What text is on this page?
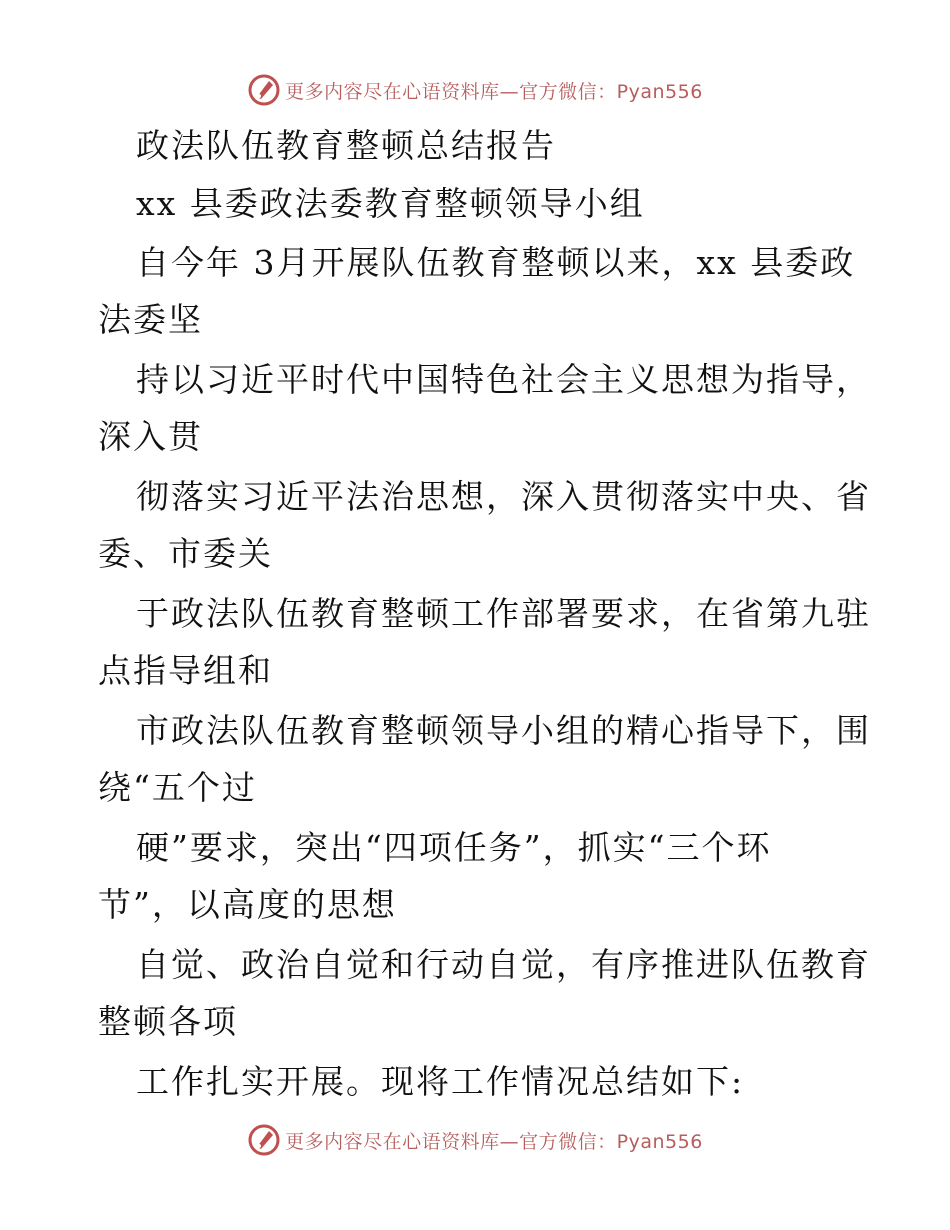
更多内容尽在心语资料库—官方微信：Pyan556
政法队伍教育整顿总结报告
xx 县委政法委教育整顿领导小组
自今年 3月开展队伍教育整顿以来，xx 县委政
法委坚
持以习近平时代中国特色社会主义思想为指导，
深入贯
彻落实习近平法治思想，深入贯彻落实中央、省
委、市委关
于政法队伍教育整顿工作部署要求，在省第九驻
点指导组和
市政法队伍教育整顿领导小组的精心指导下，围
绕“五个过
硬”要求，突出“四项任务”，抓实“三个环
节”，以高度的思想
自觉、政治自觉和行动自觉，有序推进队伍教育
整顿各项
工作扎实开展。现将工作情况总结如下:
更多内容尽在心语资料库—官方微信：Pyan556
